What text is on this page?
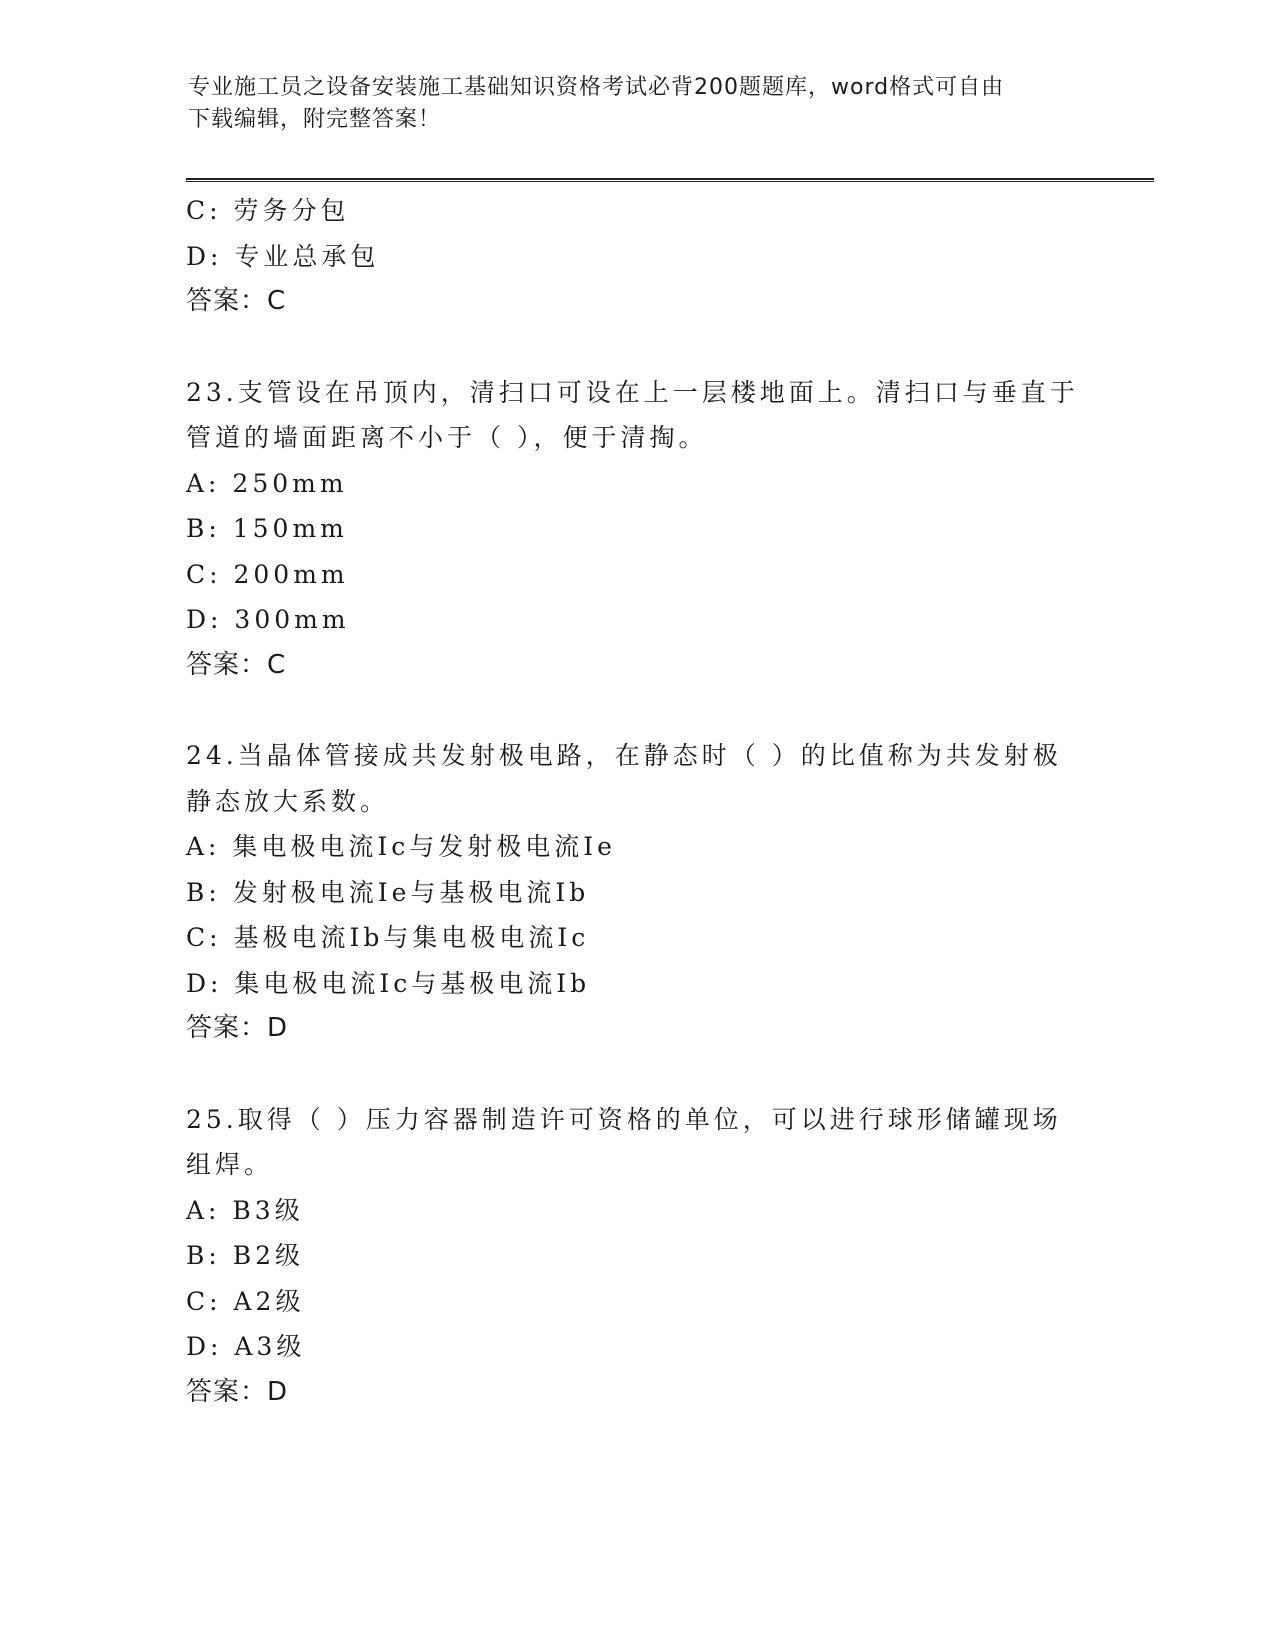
专业施工员之设备安装施工基础知识资格考试必背200题题库，word格式可自由
下载编辑，附完整答案！
C: 劳务分包
D: 专业总承包
答案：C
23.支管设在吊顶内，清扫口可设在上一层楼地面上。清扫口与垂直于
管道的墙面距离不小于（ ），便于清掏。
A: 250mm
B: 150mm
C: 200mm
D: 300mm
答案：C
24.当晶体管接成共发射极电路，在静态时（ ）的比值称为共发射极
静态放大系数。
A: 集电极电流Ic与发射极电流Ie
B: 发射极电流Ie与基极电流Ib
C: 基极电流Ib与集电极电流Ic
D: 集电极电流Ic与基极电流Ib
答案：D
25.取得（ ）压力容器制造许可资格的单位，可以进行球形储罐现场
组焊。
A: B3级
B: B2级
C: A2级
D: A3级
答案：D
